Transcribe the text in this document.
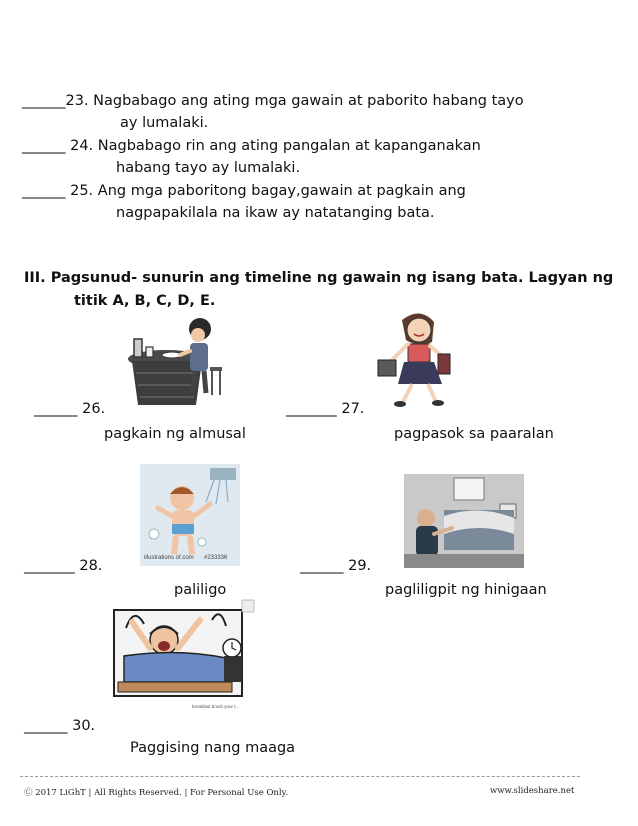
______23. Nagbabago ang ating mga gawain at paborito habang tayo
ay lumalaki.
______ 24. Nagbabago rin ang ating pangalan at kapanganakan
habang tayo ay lumalaki.
______ 25. Ang mga paboritong bagay,gawain at pagkain ang
nagpapakilala na ikaw ay natatanging bata.
III. Pagsunud- sunurin ang timeline ng gawain ng isang bata. Lagyan ng
titik A, B, C, D, E.
______ 26.
pagkain ng almusal
_______ 27.
pagpasok sa paaralan
illustrations of.com #233336
_______ 28.
paliligo
______ 29.
pagliligpit ng hinigaan
breakfast brush your t...
______ 30.
Paggising nang maaga
Ⓒ 2017 LiGhT | All Rights Reserved. | For Personal Use Only.	www.slideshare.net
